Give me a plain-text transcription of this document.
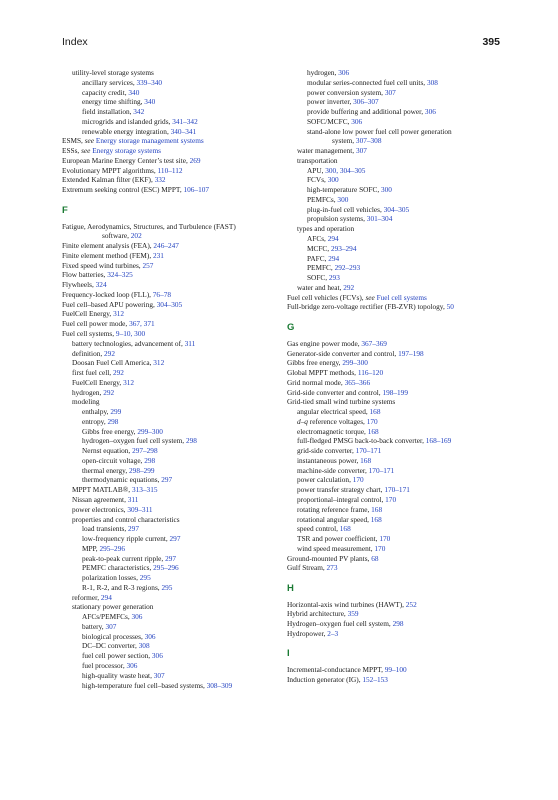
Index	395
utility-level storage systems
ancillary services, 339–340
capacity credit, 340
energy time shifting, 340
field installation, 342
microgrids and islanded grids, 341–342
renewable energy integration, 340–341
ESMS, see Energy storage management systems
ESSs, see Energy storage systems
European Marine Energy Center’s test site, 269
Evolutionary MPPT algorithms, 110–112
Extended Kalman filter (EKF), 332
Extremum seeking control (ESC) MPPT, 106–107
F
Fatigue, Aerodynamics, Structures, and Turbulence (FAST)
software, 202
Finite element analysis (FEA), 246–247
Finite element method (FEM), 231
Fixed speed wind turbines, 257
Flow batteries, 324–325
Flywheels, 324
Frequency-locked loop (FLL), 76–78
Fuel cell–based APU powering, 304–305
FuelCell Energy, 312
Fuel cell power mode, 367, 371
Fuel cell systems, 9–10, 300
battery technologies, advancement of, 311
definition, 292
Doosan Fuel Cell America, 312
first fuel cell, 292
FuelCell Energy, 312
hydrogen, 292
modeling
enthalpy, 299
entropy, 298
Gibbs free energy, 299–300
hydrogen–oxygen fuel cell system, 298
Nernst equation, 297–298
open-circuit voltage, 298
thermal energy, 298–299
thermodynamic equations, 297
MPPT MATLAB®, 313–315
Nissan agreement, 311
power electronics, 309–311
properties and control characteristics
load transients, 297
low-frequency ripple current, 297
MPP, 295–296
peak-to-peak current ripple, 297
PEMFC characteristics, 295–296
polarization losses, 295
R-1, R-2, and R-3 regions, 295
reformer, 294
stationary power generation
AFCs/PEMFCs, 306
battery, 307
biological processes, 306
DC–DC converter, 308
fuel cell power section, 306
fuel processor, 306
high-quality waste heat, 307
high-temperature fuel cell–based systems, 308–309
hydrogen, 306
modular series-connected fuel cell units, 308
power conversion system, 307
power inverter, 306–307
provide buffering and additional power, 306
SOFC/MCFC, 306
stand-alone low power fuel cell power generation
system, 307–308
water management, 307
transportation
APU, 300, 304–305
FCVs, 300
high-temperature SOFC, 300
PEMFCs, 300
plug-in-fuel cell vehicles, 304–305
propulsion systems, 301–304
types and operation
AFCs, 294
MCFC, 293–294
PAFC, 294
PEMFC, 292–293
SOFC, 293
water and heat, 292
Fuel cell vehicles (FCVs), see Fuel cell systems
Full-bridge zero-voltage rectifier (FB-ZVR) topology, 50
G
Gas engine power mode, 367–369
Generator-side converter and control, 197–198
Gibbs free energy, 299–300
Global MPPT methods, 116–120
Grid normal mode, 365–366
Grid-side converter and control, 198–199
Grid-tied small wind turbine systems
angular electrical speed, 168
d–q reference voltages, 170
electromagnetic torque, 168
full-fledged PMSG back-to-back converter, 168–169
grid-side converter, 170–171
instantaneous power, 168
machine-side converter, 170–171
power calculation, 170
power transfer strategy chart, 170–171
proportional–integral control, 170
rotating reference frame, 168
rotational angular speed, 168
speed control, 168
TSR and power coefficient, 170
wind speed measurement, 170
Ground-mounted PV plants, 68
Gulf Stream, 273
H
Horizontal-axis wind turbines (HAWT), 252
Hybrid architecture, 359
Hydrogen–oxygen fuel cell system, 298
Hydropower, 2–3
I
Incremental-conductance MPPT, 99–100
Induction generator (IG), 152–153
